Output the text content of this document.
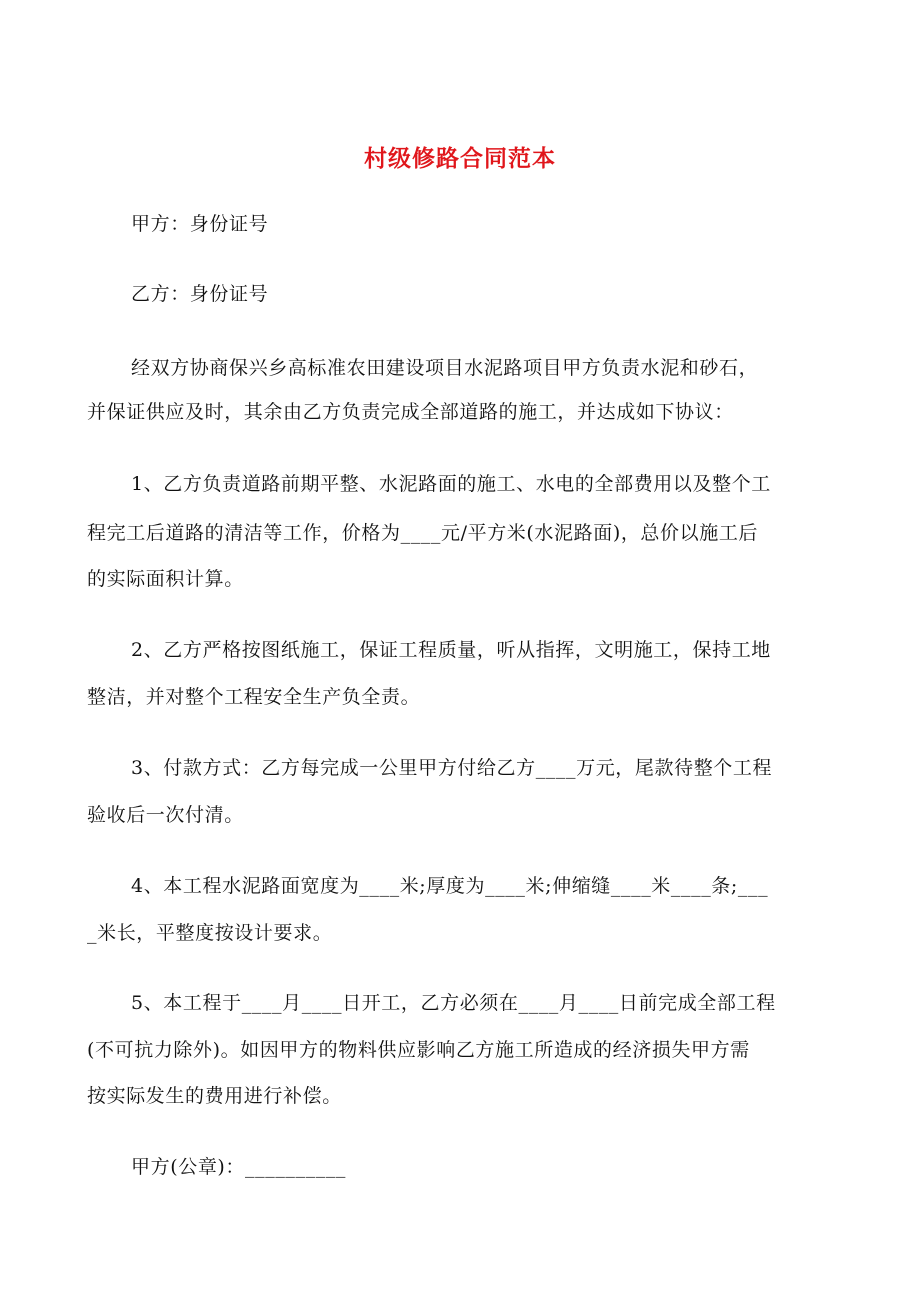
村级修路合同范本
甲方：身份证号
乙方：身份证号
经双方协商保兴乡高标准农田建设项目水泥路项目甲方负责水泥和砂石，
并保证供应及时，其余由乙方负责完成全部道路的施工，并达成如下协议：
1、乙方负责道路前期平整、水泥路面的施工、水电的全部费用以及整个工
程完工后道路的清洁等工作，价格为____元/平方米(水泥路面)，总价以施工后
的实际面积计算。
2、乙方严格按图纸施工，保证工程质量，听从指挥，文明施工，保持工地
整洁，并对整个工程安全生产负全责。
3、付款方式：乙方每完成一公里甲方付给乙方____万元，尾款待整个工程
验收后一次付清。
4、本工程水泥路面宽度为____米;厚度为____米;伸缩缝____米____条;___
_米长，平整度按设计要求。
5、本工程于____月____日开工，乙方必须在____月____日前完成全部工程
(不可抗力除外)。如因甲方的物料供应影响乙方施工所造成的经济损失甲方需
按实际发生的费用进行补偿。
甲方(公章)：__________
